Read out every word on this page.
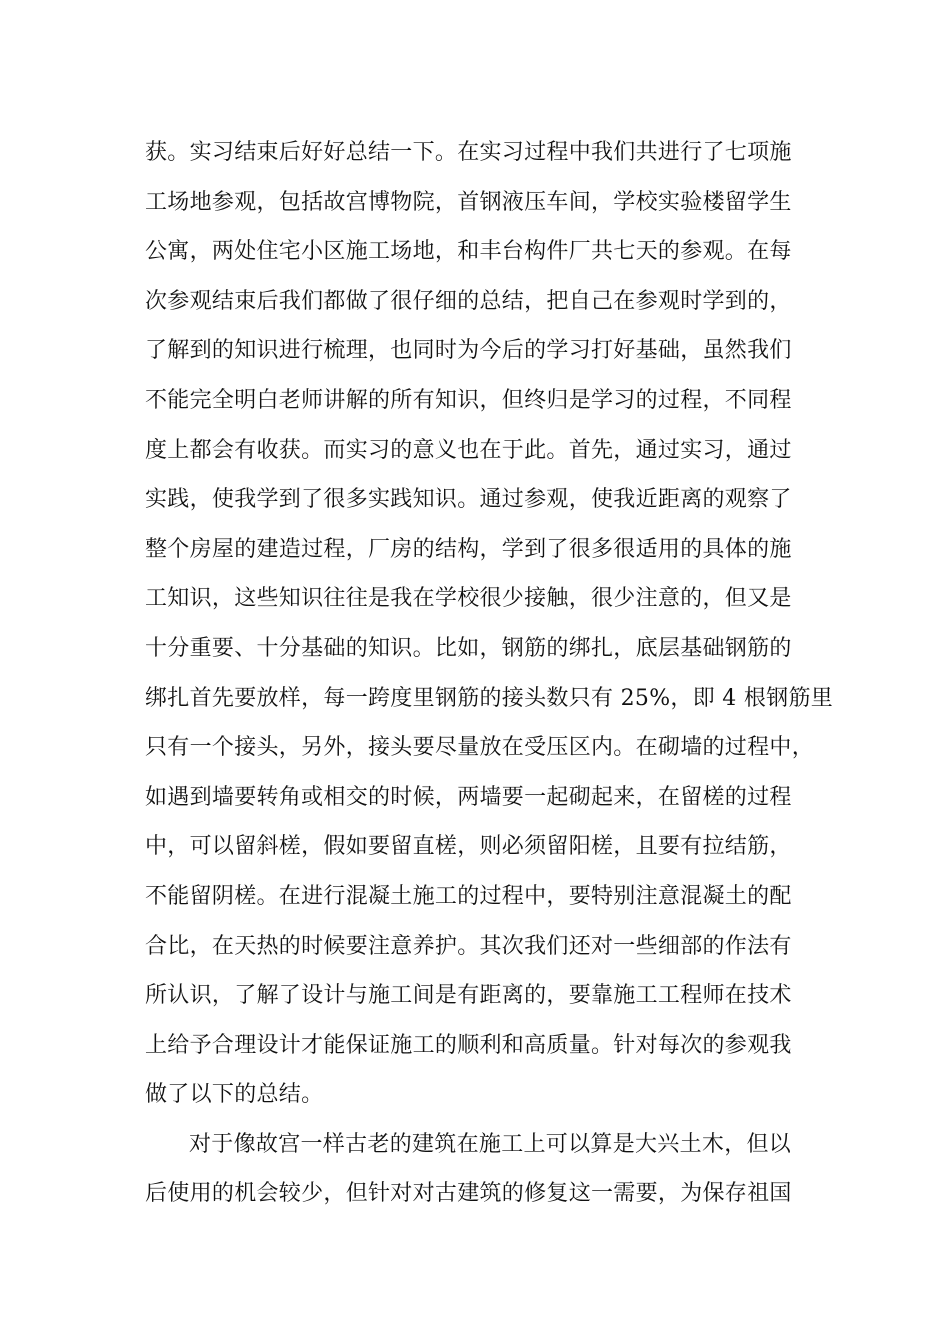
获。实习结束后好好总结一下。在实习过程中我们共进行了七项施
工场地参观，包括故宫博物院，首钢液压车间，学校实验楼留学生
公寓，两处住宅小区施工场地，和丰台构件厂共七天的参观。在每
次参观结束后我们都做了很仔细的总结，把自己在参观时学到的，
了解到的知识进行梳理，也同时为今后的学习打好基础，虽然我们
不能完全明白老师讲解的所有知识，但终归是学习的过程，不同程
度上都会有收获。而实习的意义也在于此。首先，通过实习，通过
实践，使我学到了很多实践知识。通过参观，使我近距离的观察了
整个房屋的建造过程，厂房的结构，学到了很多很适用的具体的施
工知识，这些知识往往是我在学校很少接触，很少注意的，但又是
十分重要、十分基础的知识。比如，钢筋的绑扎，底层基础钢筋的
绑扎首先要放样，每一跨度里钢筋的接头数只有 25%，即 4 根钢筋里
只有一个接头，另外，接头要尽量放在受压区内。在砌墙的过程中，
如遇到墙要转角或相交的时候，两墙要一起砌起来，在留槎的过程
中，可以留斜槎，假如要留直槎，则必须留阳槎，且要有拉结筋，
不能留阴槎。在进行混凝土施工的过程中，要特别注意混凝土的配
合比，在天热的时候要注意养护。其次我们还对一些细部的作法有
所认识，了解了设计与施工间是有距离的，要靠施工工程师在技术
上给予合理设计才能保证施工的顺利和高质量。针对每次的参观我
做了以下的总结。
对于像故宫一样古老的建筑在施工上可以算是大兴土木，但以
后使用的机会较少，但针对对古建筑的修复这一需要，为保存祖国
